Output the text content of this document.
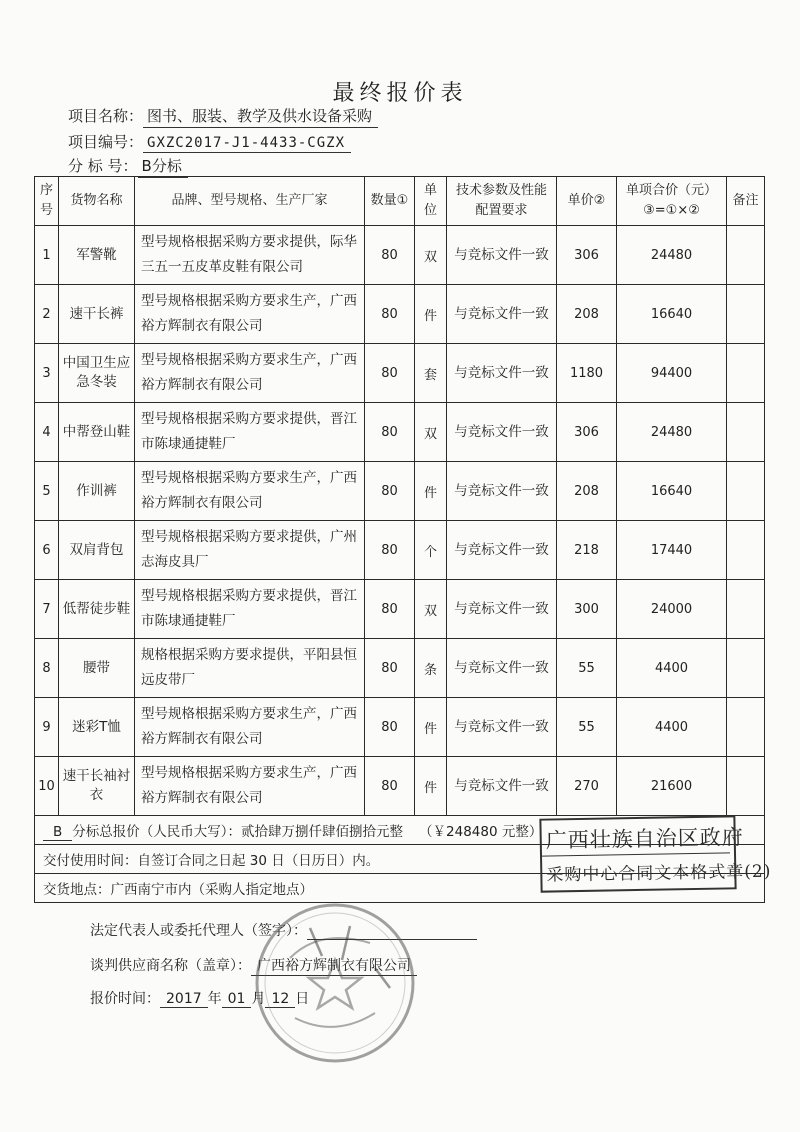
最终报价表
项目名称： 图书、服装、教学及供水设备采购
项目编号： GXZC2017-J1-4433-CGZX
分 标 号： B分标
序号	货物名称	品牌、型号规格、生产厂家	数量①	单位	技术参数及性能配置要求	单价②	单项合价（元）③=①×②	备注
1	军警靴	型号规格根据采购方要求提供，际华三五一五皮革皮鞋有限公司	80	双	与竞标文件一致	306	24480	
2	速干长裤	型号规格根据采购方要求生产，广西裕方辉制衣有限公司	80	件	与竞标文件一致	208	16640	
3	中国卫生应急冬装	型号规格根据采购方要求生产，广西裕方辉制衣有限公司	80	套	与竞标文件一致	1180	94400	
4	中帮登山鞋	型号规格根据采购方要求提供，晋江市陈埭通捷鞋厂	80	双	与竞标文件一致	306	24480	
5	作训裤	型号规格根据采购方要求生产，广西裕方辉制衣有限公司	80	件	与竞标文件一致	208	16640	
6	双肩背包	型号规格根据采购方要求提供，广州志海皮具厂	80	个	与竞标文件一致	218	17440	
7	低帮徒步鞋	型号规格根据采购方要求提供，晋江市陈埭通捷鞋厂	80	双	与竞标文件一致	300	24000	
8	腰带	规格根据采购方要求提供，平阳县恒远皮带厂	80	条	与竞标文件一致	55	4400	
9	迷彩T恤	型号规格根据采购方要求生产，广西裕方辉制衣有限公司	80	件	与竞标文件一致	55	4400	
10	速干长袖衬衣	型号规格根据采购方要求生产，广西裕方辉制衣有限公司	80	件	与竞标文件一致	270	21600	
B 分标总报价（人民币大写）：贰拾肆万捌仟肆佰捌拾元整 （￥248480 元整）								
交付使用时间：自签订合同之日起 30 日（日历日）内。								
交货地点：广西南宁市内（采购人指定地点）								
广西壮族自治区政府
采购中心合同文本格式章(2)
法定代表人或委托代理人（签字）：
谈判供应商名称（盖章）： 广西裕方辉制衣有限公司
报价时间： 2017 年 01 月 12 日
